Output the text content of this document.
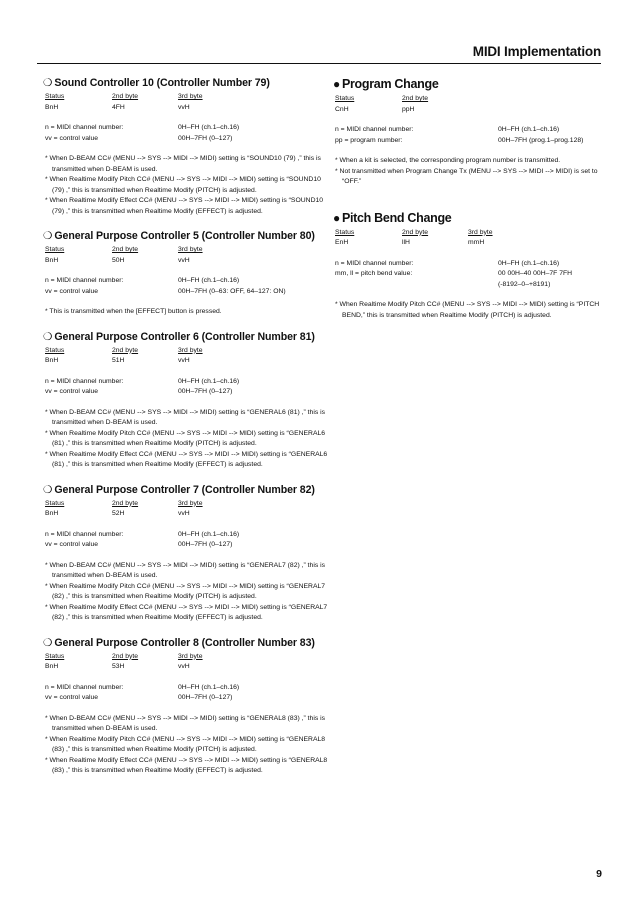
MIDI Implementation
❍ Sound Controller 10 (Controller Number 79)
Status	2nd byte	3rd byte
BnH	4FH	vvH
n = MIDI channel number:	0H–FH (ch.1–ch.16)
vv = control value	00H–7FH (0–127)
* When D-BEAM CC# (MENU --> SYS --> MIDI --> MIDI) setting is “SOUND10 (79) ,” this is transmitted when D-BEAM is used.
* When Realtime Modify Pitch CC# (MENU --> SYS --> MIDI --> MIDI) setting is “SOUND10 (79) ,” this is transmitted when Realtime Modify (PITCH) is adjusted.
* When Realtime Modify Effect CC# (MENU --> SYS --> MIDI --> MIDI) setting is “SOUND10 (79) ,” this is transmitted when Realtime Modify (EFFECT) is adjusted.
❍ General Purpose Controller 5 (Controller Number 80)
Status	2nd byte	3rd byte
BnH	50H	vvH
n = MIDI channel number:	0H–FH (ch.1–ch.16)
vv = control value	00H–7FH (0–63: OFF, 64–127: ON)
* This is transmitted when the [EFFECT] button is pressed.
❍ General Purpose Controller 6 (Controller Number 81)
Status	2nd byte	3rd byte
BnH	51H	vvH
n = MIDI channel number:	0H–FH (ch.1–ch.16)
vv = control value	00H–7FH (0–127)
* When D-BEAM CC# (MENU --> SYS --> MIDI --> MIDI) setting is “GENERAL6 (81) ,” this is transmitted when D-BEAM is used.
* When Realtime Modify Pitch CC# (MENU --> SYS --> MIDI --> MIDI) setting is “GENERAL6 (81) ,” this is transmitted when Realtime Modify (PITCH) is adjusted.
* When Realtime Modify Effect CC# (MENU --> SYS --> MIDI --> MIDI) setting is “GENERAL6 (81) ,” this is transmitted when Realtime Modify (EFFECT) is adjusted.
❍ General Purpose Controller 7 (Controller Number 82)
Status	2nd byte	3rd byte
BnH	52H	vvH
n = MIDI channel number:	0H–FH (ch.1–ch.16)
vv = control value	00H–7FH (0–127)
* When D-BEAM CC# (MENU --> SYS --> MIDI --> MIDI) setting is “GENERAL7 (82) ,” this is transmitted when D-BEAM is used.
* When Realtime Modify Pitch CC# (MENU --> SYS --> MIDI --> MIDI) setting is “GENERAL7 (82) ,” this is transmitted when Realtime Modify (PITCH) is adjusted.
* When Realtime Modify Effect CC# (MENU --> SYS --> MIDI --> MIDI) setting is “GENERAL7 (82) ,” this is transmitted when Realtime Modify (EFFECT) is adjusted.
❍ General Purpose Controller 8 (Controller Number 83)
Status	2nd byte	3rd byte
BnH	53H	vvH
n = MIDI channel number:	0H–FH (ch.1–ch.16)
vv = control value	00H–7FH (0–127)
* When D-BEAM CC# (MENU --> SYS --> MIDI --> MIDI) setting is “GENERAL8 (83) ,” this is transmitted when D-BEAM is used.
* When Realtime Modify Pitch CC# (MENU --> SYS --> MIDI --> MIDI) setting is “GENERAL8 (83) ,” this is transmitted when Realtime Modify (PITCH) is adjusted.
* When Realtime Modify Effect CC# (MENU --> SYS --> MIDI --> MIDI) setting is “GENERAL8 (83) ,” this is transmitted when Realtime Modify (EFFECT) is adjusted.
● Program Change
Status	2nd byte
CnH	ppH
n = MIDI channel number:	0H–FH (ch.1–ch.16)
pp = program number:	00H–7FH (prog.1–prog.128)
* When a kit is selected, the corresponding program number is transmitted.
* Not transmitted when Program Change Tx (MENU --> SYS --> MIDI --> MIDI) is set to “OFF.”
● Pitch Bend Change
Status	2nd byte	3rd byte
EnH	llH	mmH
n = MIDI channel number:	0H–FH (ch.1–ch.16)
mm, ll = pitch bend value:	00 00H–40 00H–7F 7FH
(-8192–0–+8191)
* When Realtime Modify Pitch CC# (MENU --> SYS --> MIDI --> MIDI) setting is “PITCH BEND,” this is transmitted when Realtime Modify (PITCH) is adjusted.
9
